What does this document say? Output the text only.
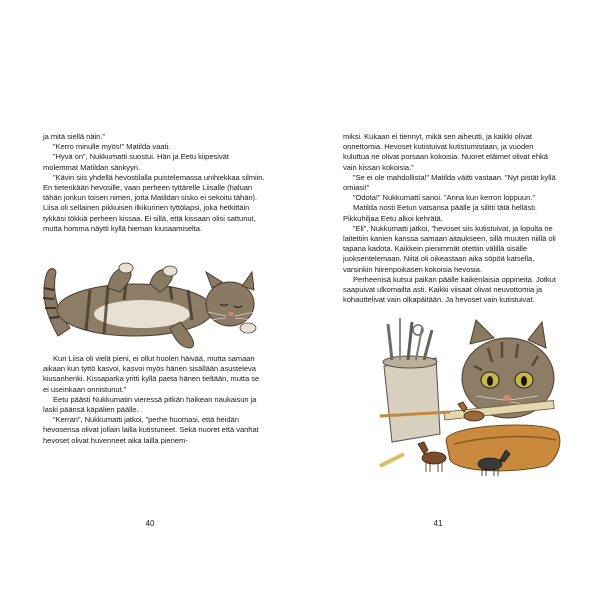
ja mitä siellä näin.”

”Kerro minulle myös!” Matilda vaati.

”Hyvä on”, Nukkumatti suostui. Hän ja Eetu kiipesivät molemmat Matildan sänkyyn.

”Kävin siis yhdellä hevostilalla puistelemassa unihiekkaa silmiin. En tietenkään hevosille, vaan perheen tyttärelle Liisalle (haluan tähän jonkun toisen nimen, jotta Matildan sisko ei sekoitu tähän). Liisa oli sellainen pikkuisen ilkikurinen tyttölapsi, joka hetkittäin tykkäsi tökkiä perheen kissaa. Ei sillä, että kissaan olisi sattunut, mutta homma näytti kyllä hieman kiusaamiselta.

Kun Liisa oli vielä pieni, ei ollut huolen häivää, mutta samaan aikaan kun tyttö kasvoi, kasvoi myös hänen sisällään asusteleva kiusanhenki. Kissaparka yritti kyllä paeta hänen tieltään, mutta se ei useinkaan onnistunut.”

Eetu päästi Nukkumatin vieressä pitkän haikean naukaisun ja laski päänsä käpälien päälle.

”Kerran”, Nukkumatti jatkoi, ”perhe huomasi, että heidän hevosensa olivat jollain lailla kutistuneet. Sekä nuoret että vanhat hevoset olivat huvenneet aika lailla pienem-

40

miksi. Kukaan ei tiennyt, mikä sen aiheutti, ja kaikki olivat onnettomia. Hevoset kutistuivat kutistumistaan, ja vuoden kuluttua ne olivat porsaan kokoisia. Nuoret eläimet olivat ehkä vain kissan kokoisia.”

”Se ei ole mahdollista!” Matilda väitti vastaan. ”Nyt pistät kyllä omiasi!”

”Odota!” Nukkumatti sanoi. ”Anna kun kerron loppuun.”

Matilda nosti Eetun vatsansa päälle ja silitti tätä hellästi. Pikkuhiljaa Eetu alkoi kehrätä.

”Eli”, Nukkumatti jatkoi, ”hevoset siis kutistuivat, ja lopulta ne laitettiin kanien kanssa samaan aitaukseen, sillä muuten niillä oli tapana kadota. Kaikkein pienimmät otettiin välillä sisälle juoksentelemaan. Niitä oli oikeastaan aika söpöä katsella, varsinkin hiirenpoikasen kokoisia hevosia.

Perheenisä kutsui paikan päälle kaikenlaisia oppineita. Jotkut saapuivat ulkomailta asti. Kaikki viisaat olivat neuvottomia ja kohauttelivat vain olkapäitään. Ja hevoset vain kutistuivat.

41
